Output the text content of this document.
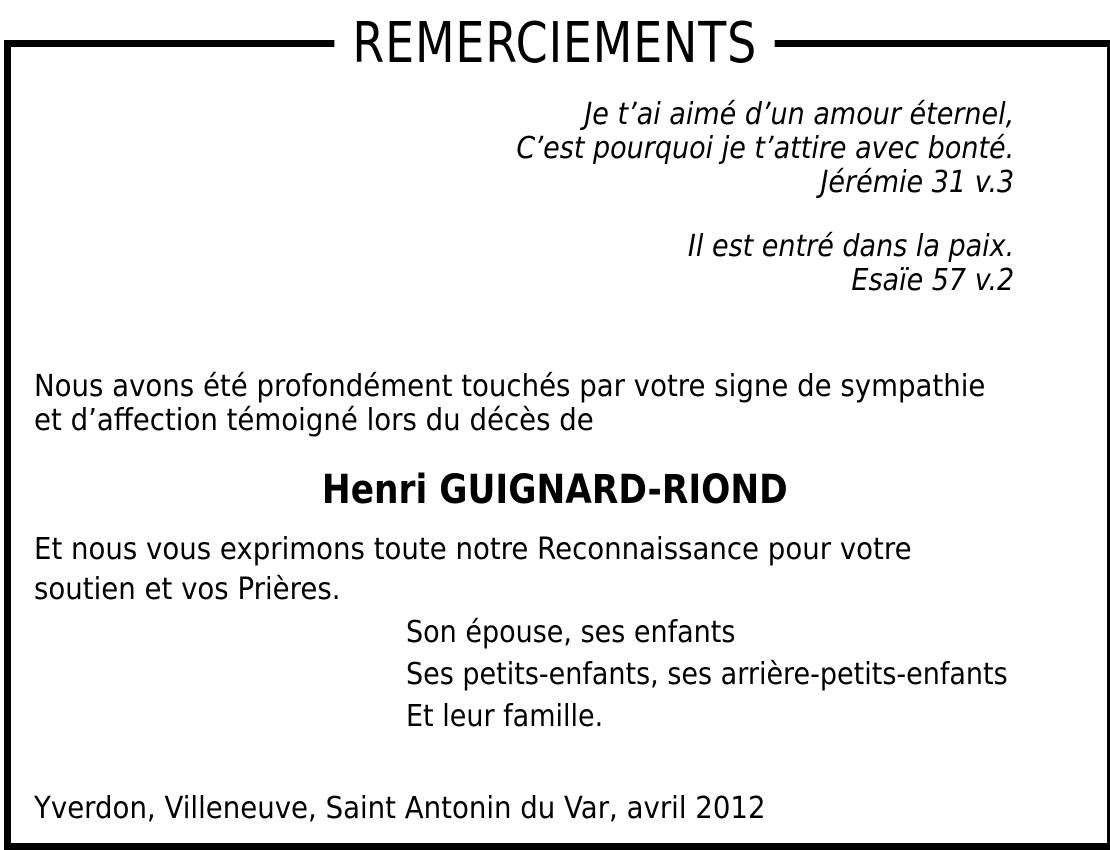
REMERCIEMENTS
Je t’ai aimé d’un amour éternel,
C’est pourquoi je t’attire avec bonté.
Jérémie 31 v.3
Il est entré dans la paix.
Esaïe 57 v.2
Nous avons été profondément touchés par votre signe de sympathie
et d’affection témoigné lors du décès de
Henri GUIGNARD-RIOND
Et nous vous exprimons toute notre Reconnaissance pour votre
soutien et vos Prières.
Son épouse, ses enfants
Ses petits-enfants, ses arrière-petits-enfants
Et leur famille.
Yverdon, Villeneuve, Saint Antonin du Var, avril 2012
